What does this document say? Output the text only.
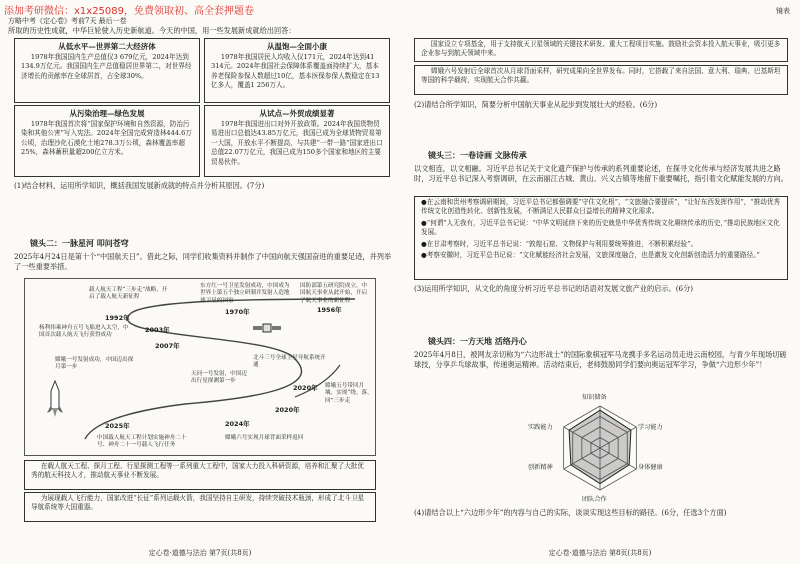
添加考研微信：x1x25089，免费领取初、高全套押题卷
方略中考《定心卷》考前7天 最后一卷
所取的历史性成就，中华巨轮驶入历史新航道。今天的中国，用一些发展新成就给出回答：
从低水平—世界第二大经济体
1978年我国国内生产总值仅3 679亿元，2024年达到134.9万亿元。我国国内生产总值稳居世界第二，对世界经济增长的贡献率在全球居首，占全球30%。
从温饱—全面小康
1978年我国居民人均收入仅171元，2024年达到41 314元。2024年我国社会保障体系覆盖面持续扩大，基本养老保险参保人数超过10亿，基本医保参保人数稳定在13亿多人，覆盖1 256万人。
从污染治理—绿色发展
1978年我国首次将“国家保护环境和自然资源，防治污染和其他公害”写入宪法。2024年全国完成营造林444.6万公顷，治理沙化石漠化土地278.3万公顷，森林覆盖率超25%，森林蓄积量超200亿立方米。
从试点—外贸成绩显著
1978年我国进出口对外开放政策。2024年我国货物贸易进出口总值达43.85万亿元，我国已成为全球货物贸易第一大国，开放水平不断提高，与共建“一带一路”国家进出口总值22.07万亿元，我国已成为150多个国家和地区的主要贸易伙伴。
(1)结合材料，运用所学知识，概括我国发展新成就的特点并分析其原因。(7分)
镜头二：一脉星河 叩问苍穹
2025年4月24日是第十个“中国航天日”。借此之际，同学们收集资料并制作了中国向航天强国奋进的重要足迹，并列举了一些重要举措。
国防部第五研究院成立，中国航天事业从此开始，开启了航天事业的新征程
东方红一号卫星发射成功，中国成为世界上第五个独立研制并发射人造地球卫星的国家
载人航天工程“三步走”战略，开启了载人航天新征程
杨利伟乘神舟五号飞船进入太空，中国首次载人航天飞行获得成功
嫦娥一号发射成功，中国迈出探月第一步
北斗三号全球卫星导航系统开通
天问一号发射，中国迈出行星探测第一步
嫦娥五号带回月壤，实现“绕、落、回”三步走
嫦娥六号实现月球背面采样返回
中国载人航天工程计划实施神舟二十号、神舟二十一号载人飞行任务
1956年
1970年
1992年
2003年
2007年
2020年
2020年
2024年
2025年
在载人航天工程、探月工程、行星探测工程等一系列重大工程中，国家大力投入科研资源，培养和汇聚了大批优秀的航天科技人才，推动航天事业不断发展。
为展现载人飞行能力，国家改进“长征”系列运载火箭，我国坚持自主研发，持续突破技术瓶颈，形成了北斗卫星导航系统等大国重器。
定心卷·道德与法治 第7页(共8页)
镜表
国家设立专项基金，用于支持航天卫星领域的关键技术研发、重大工程项目实施。鼓励社会资本投入航天事业，吸引更多企业参与到航天领域中来。
嫦娥六号发射后全球首次从月球背面采样，研究成果向全世界发布。同时，它搭载了来自法国、意大利、瑞典、巴基斯坦等国的科学载荷，实现航天合作共赢。
(2)请结合所学知识，简要分析中国航天事业从起步到发展壮大的经验。(6分)
镜头三：一卷诗画 文脉传承
以文相连，以文相融。习近平总书记关于文化遗产保护与传承的系列重要论述，在探寻文化传承与经济发展共进之路时，习近平总书记深入考察调研，在云南丽江古城、黄山、兴义古镇等地留下重要嘱托，指引着文化赋能发展的方向。
●在云南和贵州考察调研期间，习近平总书记都强调要“守住文化根”，“文旅融合要提质”，“让好东西发挥作用”，“推动优秀传统文化创造性转化、创新性发展，不断满足人民群众日益增长的精神文化需求。
●“何谓”人无我有，习近平总书记说：“中华文明延续下来的历史就是中华优秀传统文化赓续传承的历史，”推动民族地区文化发展。
●在甘肃考察时，习近平总书记说：“敦煌石窟、文物保护与利用要统筹推进，不断积累经验”。
●考察安徽时，习近平总书记说：“文化赋能经济社会发展，文旅深度融合，也是激发文化创新创造活力的重要路径。”
(3)运用所学知识，从文化的角度分析习近平总书记的话语对发展文旅产业的启示。(6分)
镜头四：一方天地 活络丹心
2025年4月8日，被网友亲切称为“六边形战士”的国际象棋冠军马龙携手多名运动员走进云南校园，与青少年现场切磋球技，分享乒乓球故事，传递奥运精神。活动结束后，老师鼓励同学们要向奥运冠军学习，争做“六边形少年”！
知识储备
学习能力
身体健康
团队合作
创新精神
实践能力
(4)请结合以上“六边形少年”的内容与自己的实际，谈谈实现这些目标的路径。(6分，任选3个方面)
定心卷·道德与法治 第8页(共8页)
